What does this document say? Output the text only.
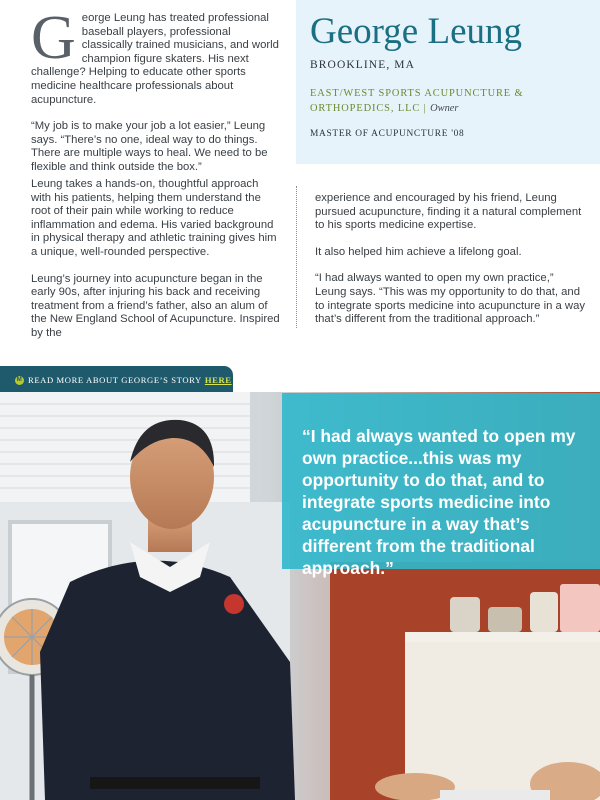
George Leung has treated professional baseball players, professional classically trained musicians, and world champion figure skaters. His next challenge? Helping to educate other sports medicine healthcare professionals about acupuncture.

“My job is to make your job a lot easier,” Leung says. “There’s no one, ideal way to do things. There are multiple ways to heal. We need to be flexible and think outside the box.”

George Leung
BROOKLINE, MA
EAST/WEST SPORTS ACUPUNCTURE & ORTHOPEDICS, LLC | Owner
MASTER OF ACUPUNCTURE '08

Leung takes a hands-on, thoughtful approach with his patients, helping them understand the root of their pain while working to reduce inflammation and edema. His varied background in physical therapy and athletic training gives him a unique, well-rounded perspective.

Leung’s journey into acupuncture began in the early 90s, after injuring his back and receiving treatment from a friend’s father, also an alum of the New England School of Acupuncture. Inspired by the

experience and encouraged by his friend, Leung pursued acupuncture, finding it a natural complement to his sports medicine expertise.

It also helped him achieve a lifelong goal.

“I had always wanted to open my own practice,” Leung says. “This was my opportunity to do that, and to integrate sports medicine into acupuncture in a way that’s different from the traditional approach.”

M READ MORE ABOUT GEORGE’S STORY HERE
“I had always wanted to open my own practice...this was my opportunity to do that, and to integrate sports medicine into acupuncture in a way that’s different from the traditional approach.”
